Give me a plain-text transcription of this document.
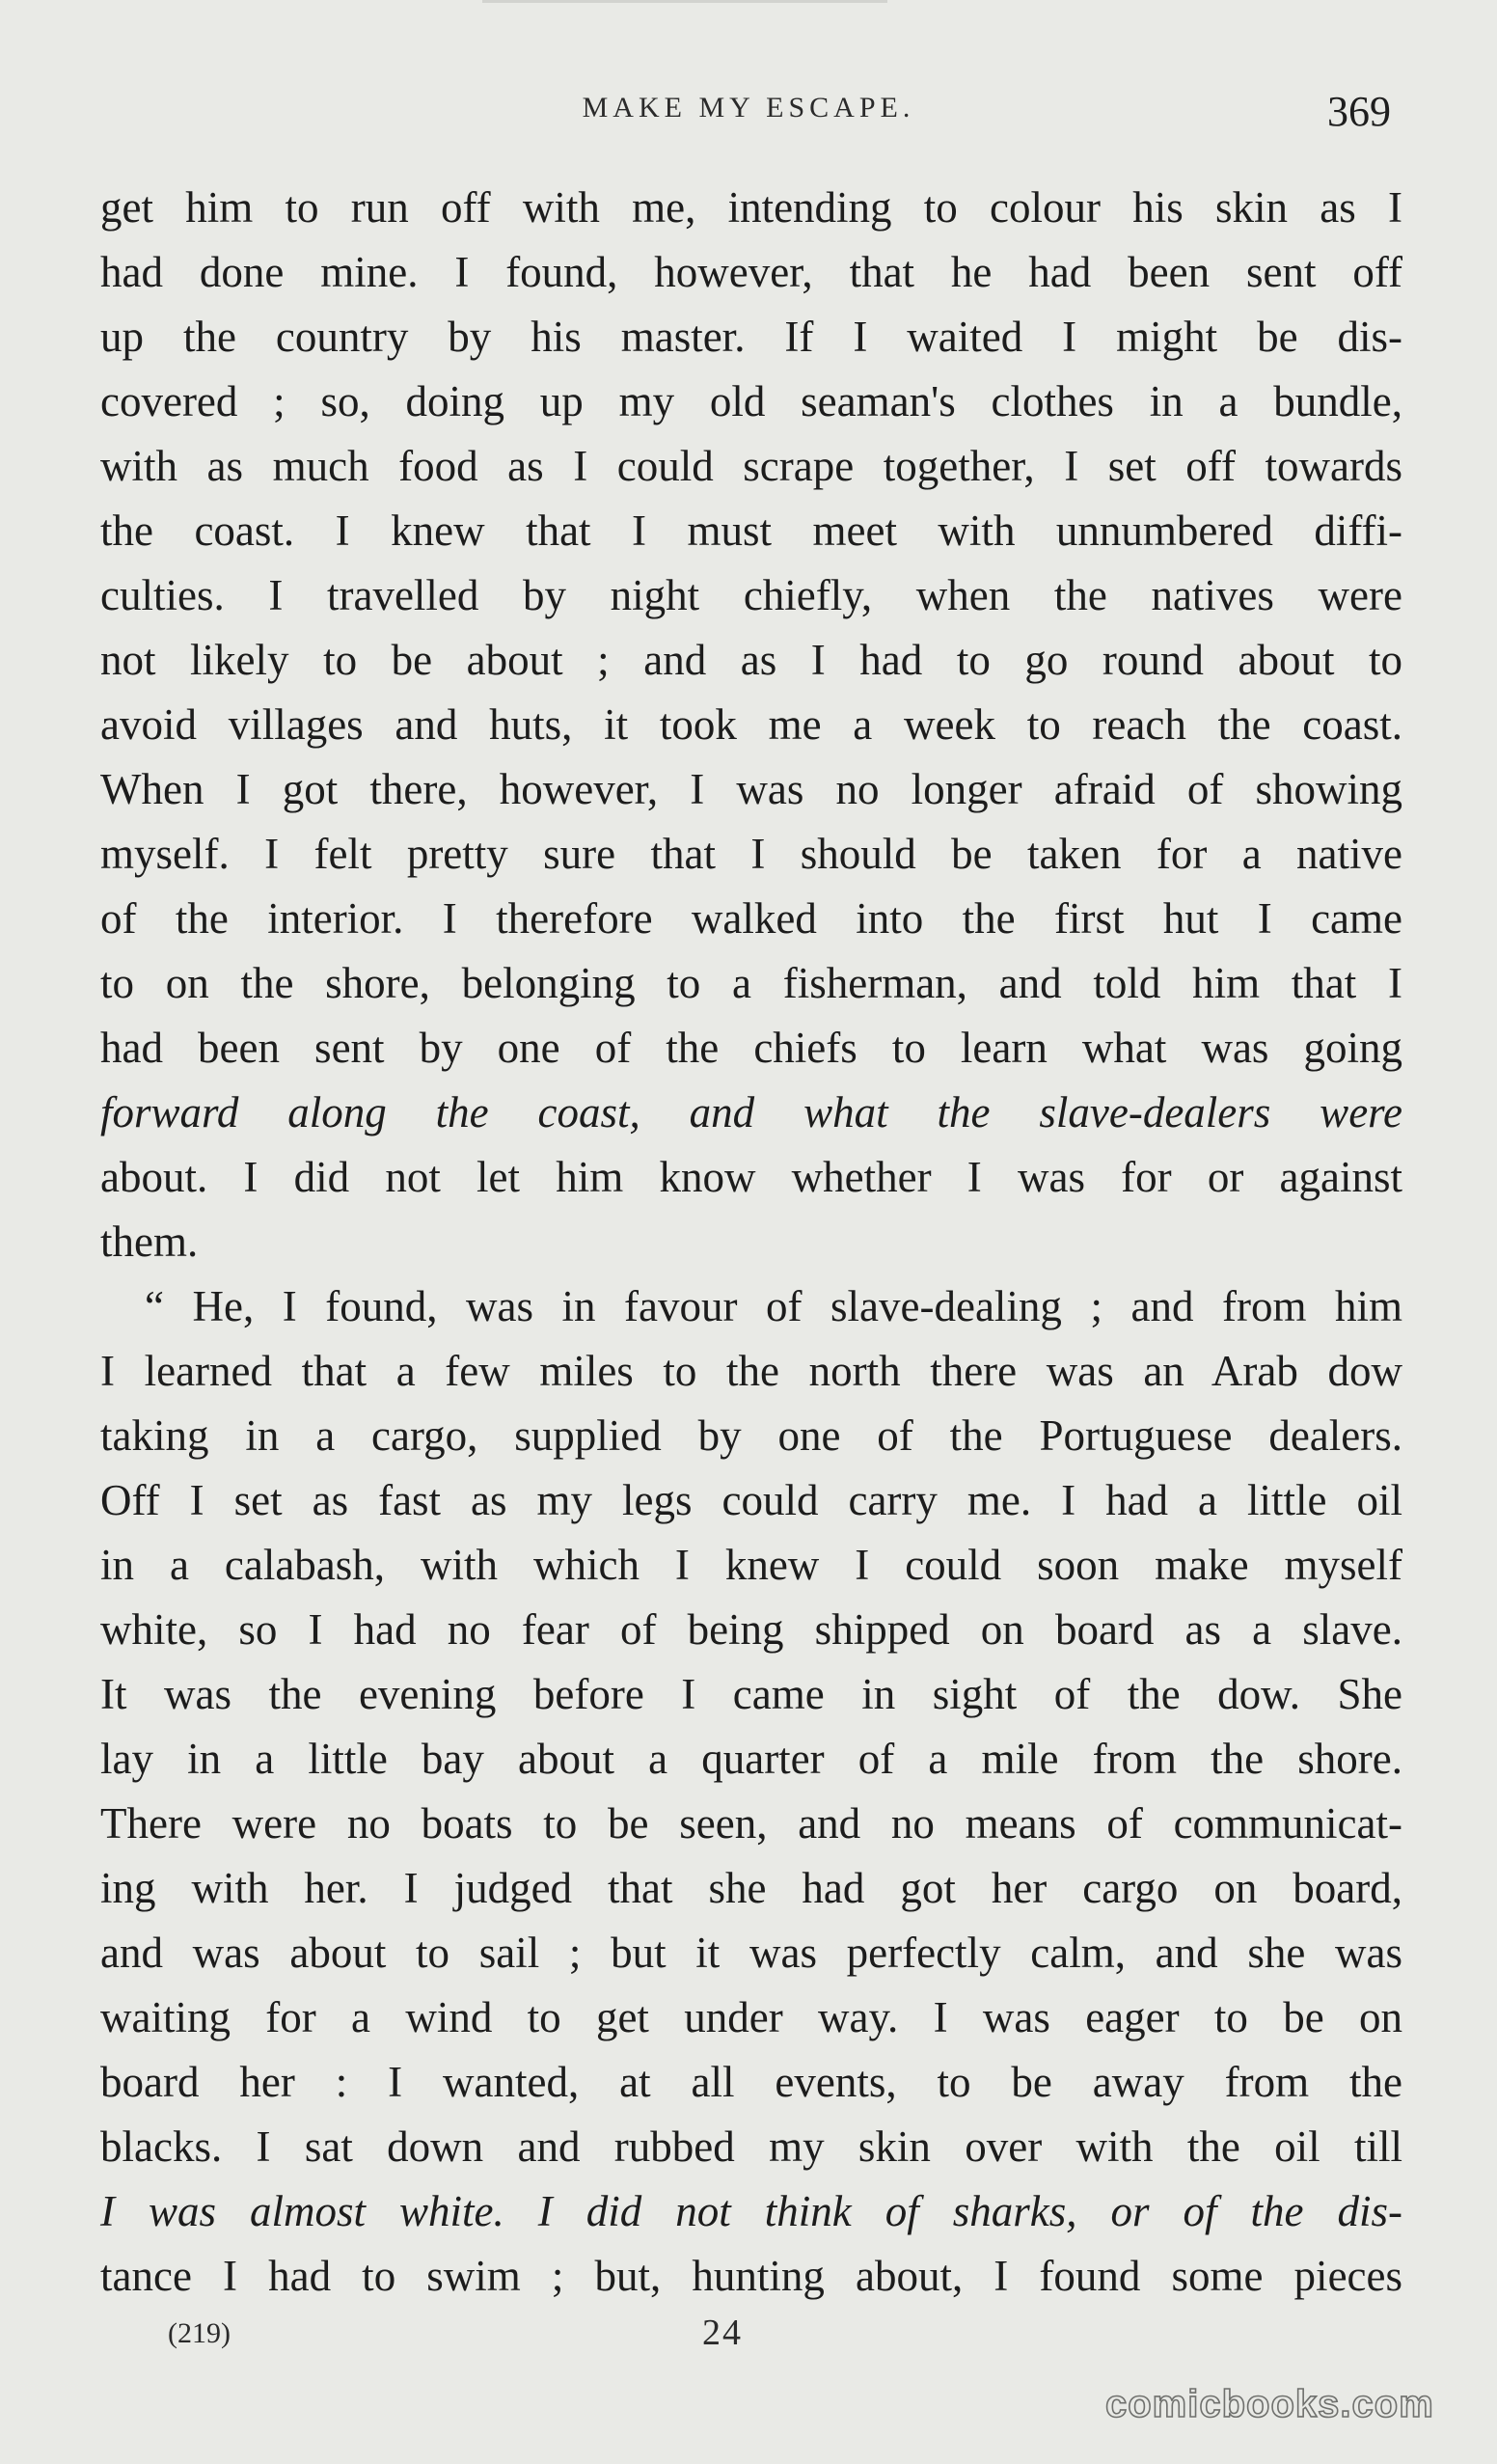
MAKE MY ESCAPE.	369
get him to run off with me, intending to colour his skin as I
had done mine. I found, however, that he had been sent off
up the country by his master. If I waited I might be dis-
covered ; so, doing up my old seaman's clothes in a bundle,
with as much food as I could scrape together, I set off towards
the coast. I knew that I must meet with unnumbered diffi-
culties. I travelled by night chiefly, when the natives were
not likely to be about ; and as I had to go round about to
avoid villages and huts, it took me a week to reach the coast.
When I got there, however, I was no longer afraid of showing
myself. I felt pretty sure that I should be taken for a native
of the interior. I therefore walked into the first hut I came
to on the shore, belonging to a fisherman, and told him that I
had been sent by one of the chiefs to learn what was going
forward along the coast, and what the slave-dealers were
about. I did not let him know whether I was for or against
them.
“ He, I found, was in favour of slave-dealing ; and from him
I learned that a few miles to the north there was an Arab dow
taking in a cargo, supplied by one of the Portuguese dealers.
Off I set as fast as my legs could carry me. I had a little oil
in a calabash, with which I knew I could soon make myself
white, so I had no fear of being shipped on board as a slave.
It was the evening before I came in sight of the dow. She
lay in a little bay about a quarter of a mile from the shore.
There were no boats to be seen, and no means of communicat-
ing with her. I judged that she had got her cargo on board,
and was about to sail ; but it was perfectly calm, and she was
waiting for a wind to get under way. I was eager to be on
board her : I wanted, at all events, to be away from the
blacks. I sat down and rubbed my skin over with the oil till
I was almost white. I did not think of sharks, or of the dis-
tance I had to swim ; but, hunting about, I found some pieces
(219)	24
comicbooks.com
